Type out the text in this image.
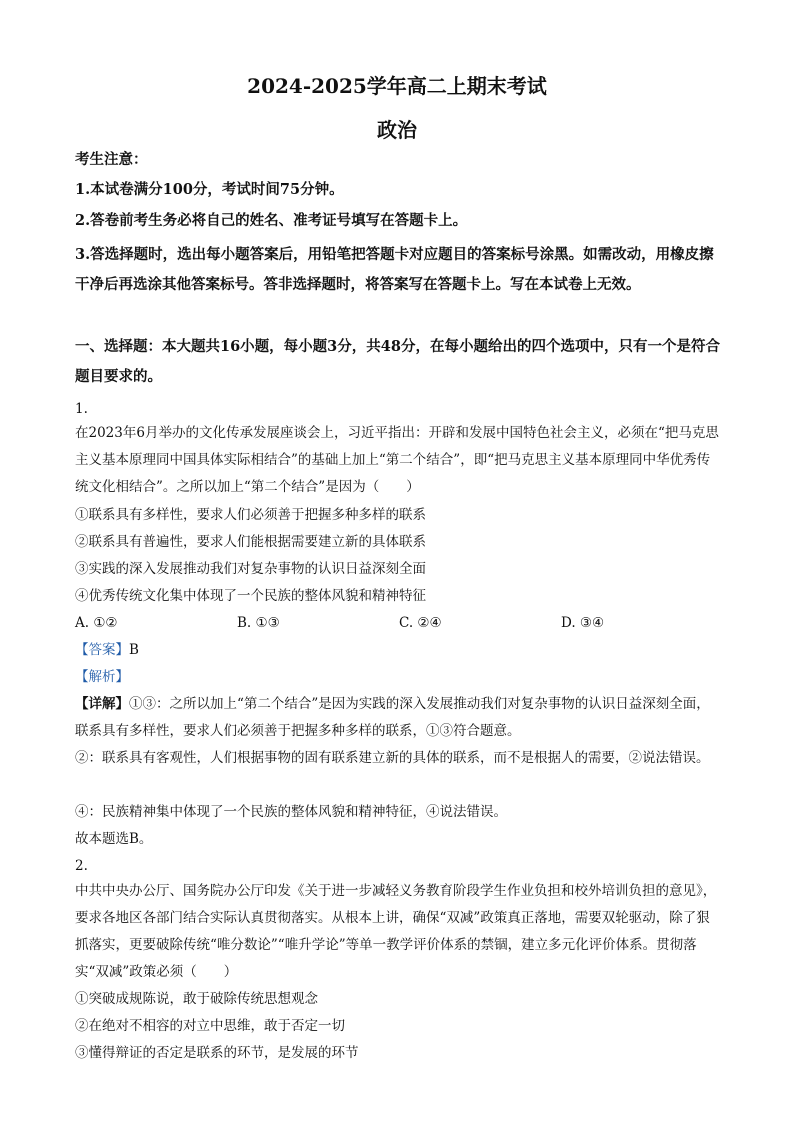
2024-2025学年高二上期末考试
政治
考生注意：
1.本试卷满分100分，考试时间75分钟。
2.答卷前考生务必将自己的姓名、准考证号填写在答题卡上。
3.答选择题时，选出每小题答案后，用铅笔把答题卡对应题目的答案标号涂黑。如需改动，用橡皮擦干净后再选涂其他答案标号。答非选择题时，将答案写在答题卡上。写在本试卷上无效。
一、选择题：本大题共16小题，每小题3分，共48分，在每小题给出的四个选项中，只有一个是符合题目要求的。
1.
在2023年6月举办的文化传承发展座谈会上，习近平指出：开辟和发展中国特色社会主义，必须在“把马克思主义基本原理同中国具体实际相结合”的基础上加上“第二个结合”，即“把马克思主义基本原理同中华优秀传统文化相结合”。之所以加上“第二个结合”是因为（　　）
①联系具有多样性，要求人们必须善于把握多种多样的联系
②联系具有普遍性，要求人们能根据需要建立新的具体联系
③实践的深入发展推动我们对复杂事物的认识日益深刻全面
④优秀传统文化集中体现了一个民族的整体风貌和精神特征
A. ①②	B. ①③	C. ②④	D. ③④
【答案】B
【解析】
【详解】①③：之所以加上“第二个结合”是因为实践的深入发展推动我们对复杂事物的认识日益深刻全面，联系具有多样性，要求人们必须善于把握多种多样的联系，①③符合题意。
②：联系具有客观性，人们根据事物的固有联系建立新的具体的联系，而不是根据人的需要，②说法错误。
④：民族精神集中体现了一个民族的整体风貌和精神特征，④说法错误。
故本题选B。
2.
中共中央办公厅、国务院办公厅印发《关于进一步减轻义务教育阶段学生作业负担和校外培训负担的意见》，要求各地区各部门结合实际认真贯彻落实。从根本上讲，确保“双减”政策真正落地，需要双轮驱动，除了狠抓落实，更要破除传统“唯分数论”“唯升学论”等单一教学评价体系的禁锢，建立多元化评价体系。贯彻落实“双减”政策必须（　　）
①突破成规陈说，敢于破除传统思想观念
②在绝对不相容的对立中思维，敢于否定一切
③懂得辩证的否定是联系的环节，是发展的环节
